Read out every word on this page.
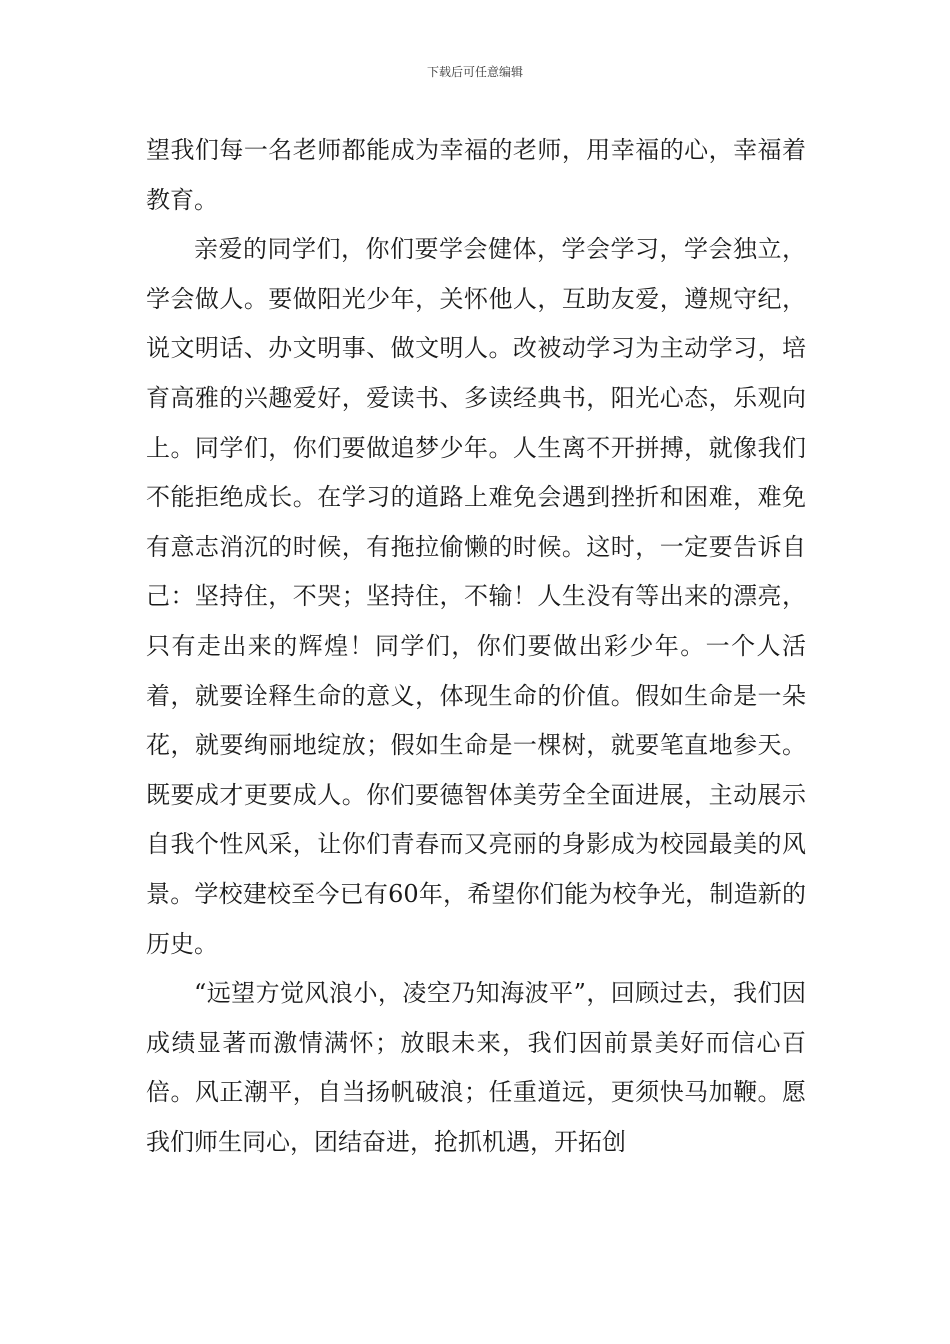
下载后可任意编辑

望我们每一名老师都能成为幸福的老师，用幸福的心，幸福着教育。

亲爱的同学们，你们要学会健体，学会学习，学会独立，学会做人。要做阳光少年，关怀他人，互助友爱，遵规守纪，说文明话、办文明事、做文明人。改被动学习为主动学习，培育高雅的兴趣爱好，爱读书、多读经典书，阳光心态，乐观向上。同学们，你们要做追梦少年。人生离不开拼搏，就像我们不能拒绝成长。在学习的道路上难免会遇到挫折和困难，难免有意志消沉的时候，有拖拉偷懒的时候。这时，一定要告诉自己：坚持住，不哭；坚持住，不输！人生没有等出来的漂亮，只有走出来的辉煌！同学们，你们要做出彩少年。一个人活着，就要诠释生命的意义，体现生命的价值。假如生命是一朵花，就要绚丽地绽放；假如生命是一棵树，就要笔直地参天。既要成才更要成人。你们要德智体美劳全全面进展，主动展示自我个性风采，让你们青春而又亮丽的身影成为校园最美的风景。学校建校至今已有60年，希望你们能为校争光，制造新的历史。

“远望方觉风浪小，凌空乃知海波平”，回顾过去，我们因成绩显著而激情满怀；放眼未来，我们因前景美好而信心百倍。风正潮平，自当扬帆破浪；任重道远，更须快马加鞭。愿我们师生同心，团结奋进，抢抓机遇，开拓创
